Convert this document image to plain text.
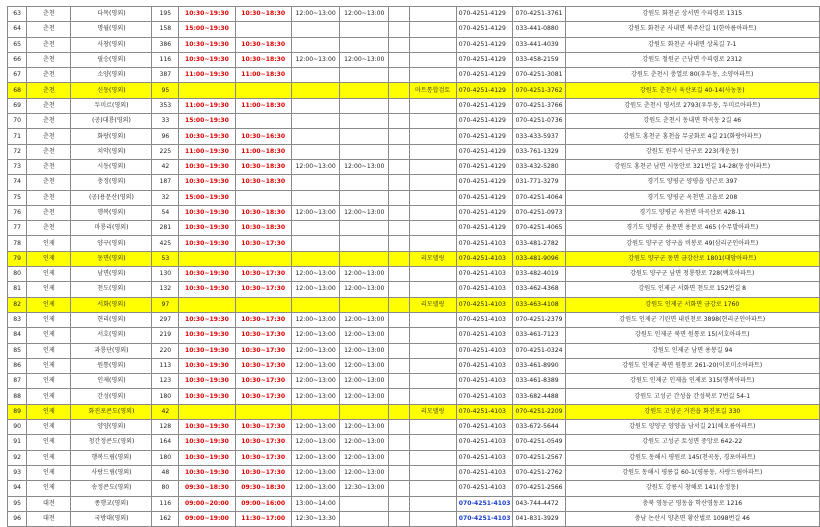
63	춘천	다목(영외)	195	10:30~19:30	10:30~18:30	12:00~13:00	12:00~13:00			070-4251-4129	070-4251-3761	강원도 화천군 상서면 수피령로 1315
64	춘천	명월(영외)	158	15:00~19:30						070-4251-4129	033-441-0880	강원도 화천군 사내면 북주산길 1(한아름아파트)
65	춘천	사창(영외)	386	10:30~19:30	10:30~18:30					070-4251-4129	033-441-4039	강원도 화천군 사내면 상록길 7-1
66	춘천	필승(영외)	116	10:30~19:30	10:30~18:30	12:00~13:00	12:00~13:00			070-4251-4129	033-458-2159	강원도 철원군 근남면 수피령로 2312
67	춘천	소양(영외)	387	11:00~19:30	11:00~18:30					070-4251-4129	070-4251-3081	강원도 춘천시 충열로 80(우두동, 소양아파트)
68	춘천	신동(영외)	95						마트통합검토	070-4251-4129	070-4251-3762	강원도 춘천시 육산포길 40-14(사농동)
69	춘천	두미르(영외)	353	11:00~19:30	11:00~18:30					070-4251-4129	070-4251-3766	강원도 춘천시 영서로 2793(우두동, 두미르아파트)
70	춘천	(공)대룡(영외)	33	15:00~19:30						070-4251-4129	070-4251-0736	강원도 춘천시 동내면 학곡동 2길 46
71	춘천	화랑(영외)	96	10:30~19:30	10:30~16:30					070-4251-4129	033-433-5937	강원도 홍천군 홍천읍 무궁화로 4길 21(화랑아파트)
72	춘천	치악(영외)	225	11:00~19:30	11:00~18:30					070-4251-4129	033-761-1329	강원도 원주시 단구로 223(개운동)
73	춘천	시동(영외)	42	10:30~19:30	10:30~18:30	12:00~13:00	12:00~13:00			070-4251-4129	033-432-5280	강원도 홍천군 남면 시동안로 321번길 14-28(동성아파트)
74	춘천	충정(영외)	187	10:30~19:30	10:30~18:30					070-4251-4129	031-771-3279	경기도 양평군 양평읍 양근로 397
75	춘천	(공)용문산(영외)	32	15:00~19:30						070-4251-4129	070-4251-4064	경기도 양평군 옥천면 고읍로 208
76	춘천	행복(영외)	54	10:30~19:30	10:30~18:30	12:00~13:00	12:00~13:00			070-4251-4129	070-4251-0973	경기도 양평군 옥천면 마곡산로 428-11
77	춘천	마룡리(영외)	281	10:30~19:30	10:30~18:30					070-4251-4129	070-4251-4065	경기도 양평군 용문면 용문로 465 (수무발아파트)
78	인제	양구(영외)	425	10:30~19:30	10:30~17:30					070-4251-4103	033-481-2782	강원도 양구군 양구읍 비봉로 49(삼리군인아파트)
79	인제	동면(영외)	53						리모델링	070-4251-4103	033-481-9096	강원도 양구군 동면 금강산로 1801(대암아파트)
80	인제	남면(영외)	130	10:30~19:30	10:30~17:30	12:00~13:00	12:00~13:00			070-4251-4103	033-482-4019	강원도 양구군 남면 청룡향로 728(백호아파트)
81	인제	천도(영외)	132	10:30~19:30	10:30~17:30	12:00~13:00	12:00~13:00			070-4251-4103	033-462-4368	강원도 인제군 서화면 천도로 152번길 8
82	인제	서화(영외)	97						리모델링	070-4251-4103	033-463-4108	강원도 인제군 서화면 금강로 1760
83	인제	현리(영외)	297	10:30~19:30	10:30~17:30	12:00~13:00	12:00~13:00			070-4251-4103	070-4251-2379	강원도 인제군 기린면 내린천로 3898(현리군인아파트)
84	인제	서호(영외)	219	10:30~19:30	10:30~17:30	12:00~13:00	12:00~13:00			070-4251-4103	033-461-7123	강원도 인제군 북면 원통로 15(서호아파트)
85	인제	과룡단(영외)	220	10:30~19:30	10:30~17:30	12:00~13:00	12:00~13:00			070-4251-4103	070-4251-0324	강원도 인제군 남면 용봉길 94
86	인제	원통(영외)	113	10:30~19:30	10:30~17:30	12:00~13:00	12:00~13:00			070-4251-4103	033-461-8990	강원도 인제군 북면 원통로 261-20(이로미소아파트)
87	인제	인제(영외)	123	10:30~19:30	10:30~17:30	12:00~13:00	12:00~13:00			070-4251-4103	033-461-8389	강원도 인제군 인제읍 인제로 315(행복아파트)
88	인제	간성(영외)	180	10:30~19:30	10:30~17:30	12:00~13:00	12:00~13:00			070-4251-4103	033-682-4488	강원도 고성군 간성읍 간성북로 7번길 54-1
89	인제	화진포콘도(영외)	42						리모델링	070-4251-4103	070-4251-2209	강원도 고성군 거진읍 화진포길 330
90	인제	양양(영외)	128	10:30~19:30	10:30~17:30	12:00~13:00	12:00~13:00			070-4251-4103	033-672-5644	강원도 양양군 양양읍 남서길 21(해오름아파트)
91	인제	청간정콘도(영외)	164	10:30~19:30	10:30~17:30	12:00~13:00	12:00~13:00			070-4251-4103	070-4251-0549	강원도 고성군 토성면 중앙로 642-22
92	인제	행복드림(영외)	180	10:30~19:30	10:30~17:30	12:00~13:00	12:00~13:00			070-4251-4103	070-4251-2567	강원도 동해시 평원로 145(천곡동, 경포아파트)
93	인제	사랑드림(영외)	48	10:30~19:30	10:30~17:30	12:00~13:00	12:00~13:00			070-4251-4103	070-4251-2762	강원도 동해시 평릉길 60-1(평릉동, 사랑드림아파트)
94	인제	송정콘도(영외)	80	09:30~18:30	09:30~18:30	12:00~13:00	12:30~13:00			070-4251-4103	070-4251-2566	강원도 강릉시 창해로 141(송정동)
95	대전	종행교(영외)	116	09:00~20:00	09:00~16:00	13:00~14:00				070-4251-4103	043-744-4472	충북 영동군 영동읍 학산영동로 1216
96	대전	국방대(영외)	162	09:00~19:00	11:30~17:00	12:30~13:30				070-4251-4103	041-831-3929	충남 논산시 양촌면 황산벌로 1098번길 46
